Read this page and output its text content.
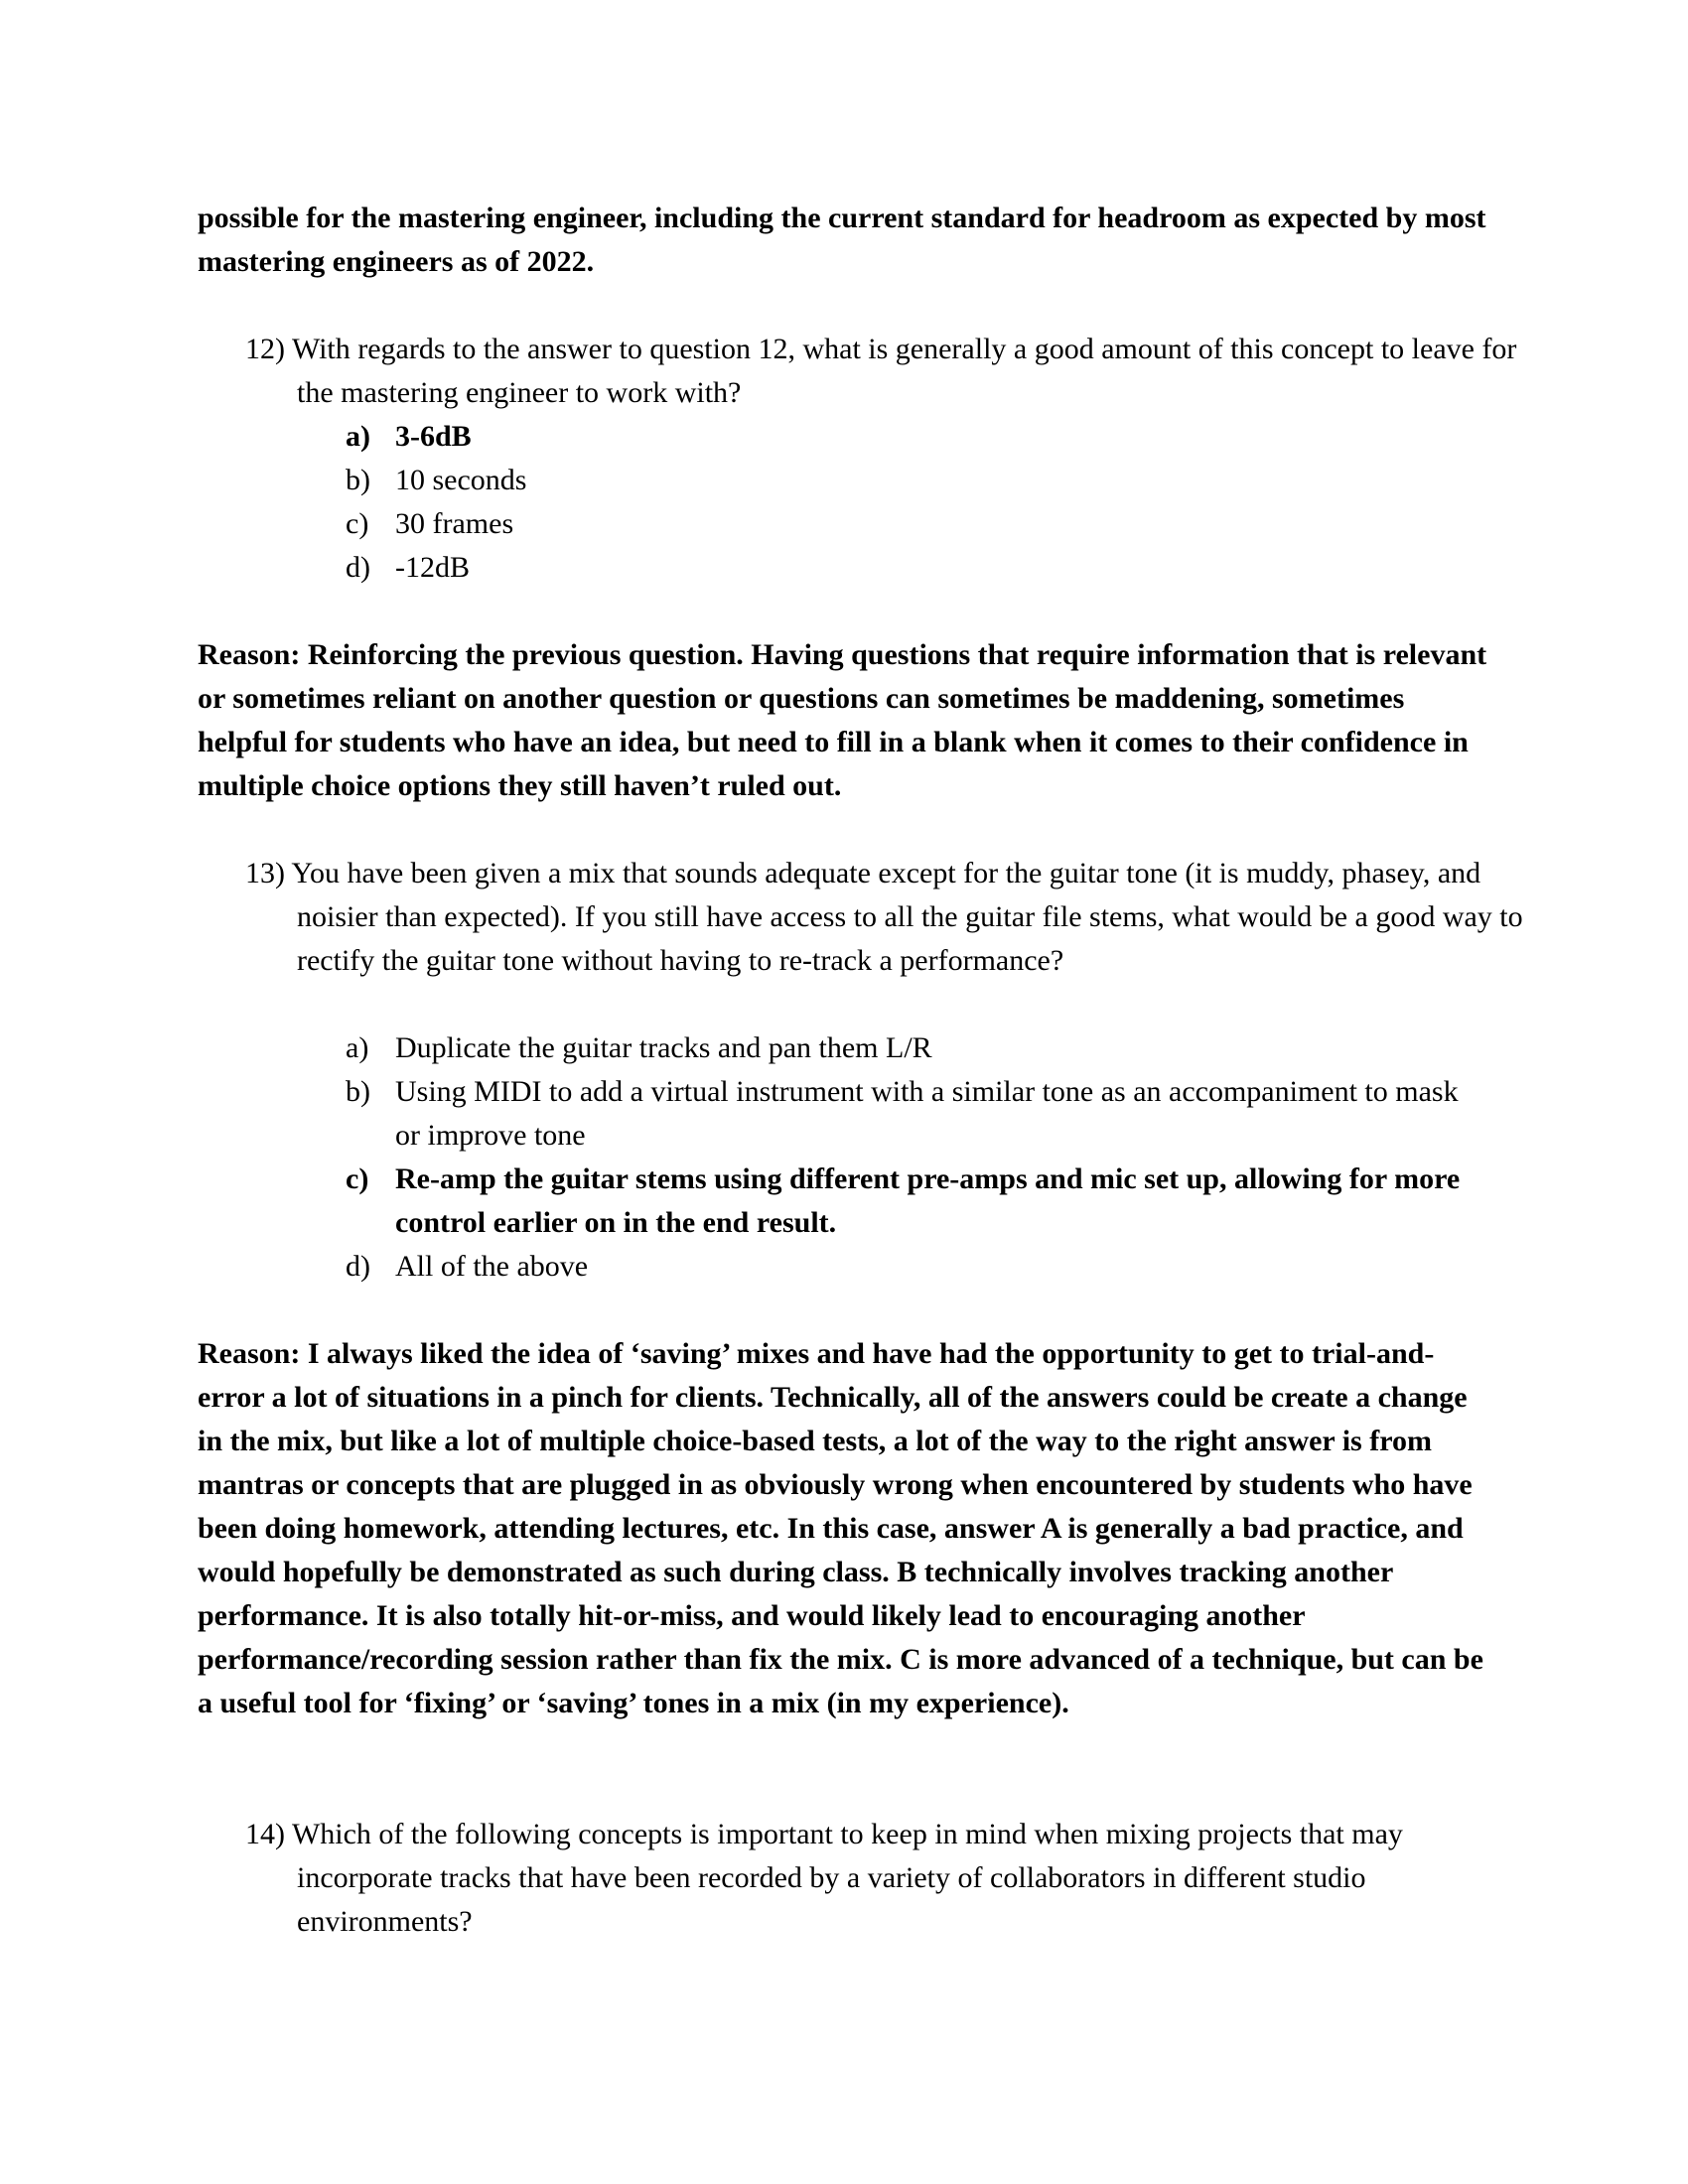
possible for the mastering engineer, including the current standard for headroom as expected by most mastering engineers as of 2022.

12) With regards to the answer to question 12, what is generally a good amount of this concept to leave for the mastering engineer to work with?

a) 3-6dB
b) 10 seconds
c) 30 frames
d) -12dB

Reason: Reinforcing the previous question. Having questions that require information that is relevant or sometimes reliant on another question or questions can sometimes be maddening, sometimes helpful for students who have an idea, but need to fill in a blank when it comes to their confidence in multiple choice options they still haven’t ruled out.

13) You have been given a mix that sounds adequate except for the guitar tone (it is muddy, phasey, and noisier than expected). If you still have access to all the guitar file stems, what would be a good way to rectify the guitar tone without having to re-track a performance?

a) Duplicate the guitar tracks and pan them L/R
b) Using MIDI to add a virtual instrument with a similar tone as an accompaniment to mask or improve tone
c) Re-amp the guitar stems using different pre-amps and mic set up, allowing for more control earlier on in the end result.
d) All of the above

Reason: I always liked the idea of ‘saving’ mixes and have had the opportunity to get to trial-and-error a lot of situations in a pinch for clients. Technically, all of the answers could be create a change in the mix, but like a lot of multiple choice-based tests, a lot of the way to the right answer is from mantras or concepts that are plugged in as obviously wrong when encountered by students who have been doing homework, attending lectures, etc. In this case, answer A is generally a bad practice, and would hopefully be demonstrated as such during class. B technically involves tracking another performance. It is also totally hit-or-miss, and would likely lead to encouraging another performance/recording session rather than fix the mix. C is more advanced of a technique, but can be a useful tool for ‘fixing’ or ‘saving’ tones in a mix (in my experience).

14) Which of the following concepts is important to keep in mind when mixing projects that may incorporate tracks that have been recorded by a variety of collaborators in different studio environments?
